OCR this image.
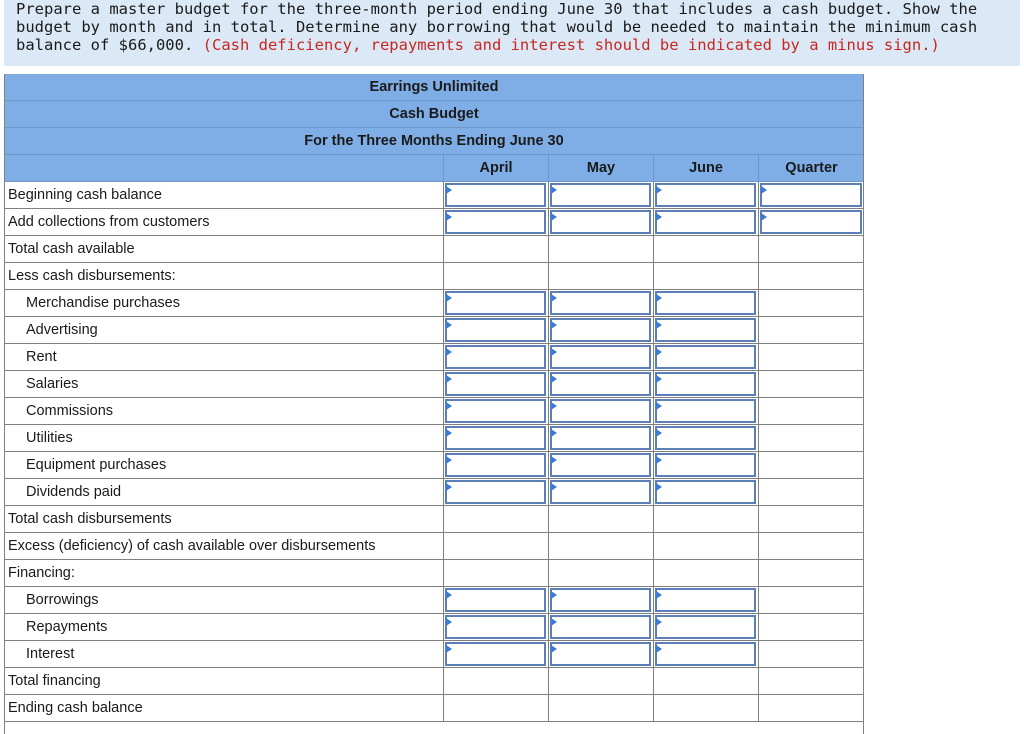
Prepare a master budget for the three-month period ending June 30 that includes a cash budget. Show the budget by month and in total. Determine any borrowing that would be needed to maintain the minimum cash balance of $66,000. (Cash deficiency, repayments and interest should be indicated by a minus sign.)
Earrings Unlimited
Cash Budget
For the Three Months Ending June 30
April	May	June	Quarter
Beginning cash balance
Add collections from customers
Total cash available
Less cash disbursements:
Merchandise purchases
Advertising
Rent
Salaries
Commissions
Utilities
Equipment purchases
Dividends paid
Total cash disbursements
Excess (deficiency) of cash available over disbursements
Financing:
Borrowings
Repayments
Interest
Total financing
Ending cash balance
